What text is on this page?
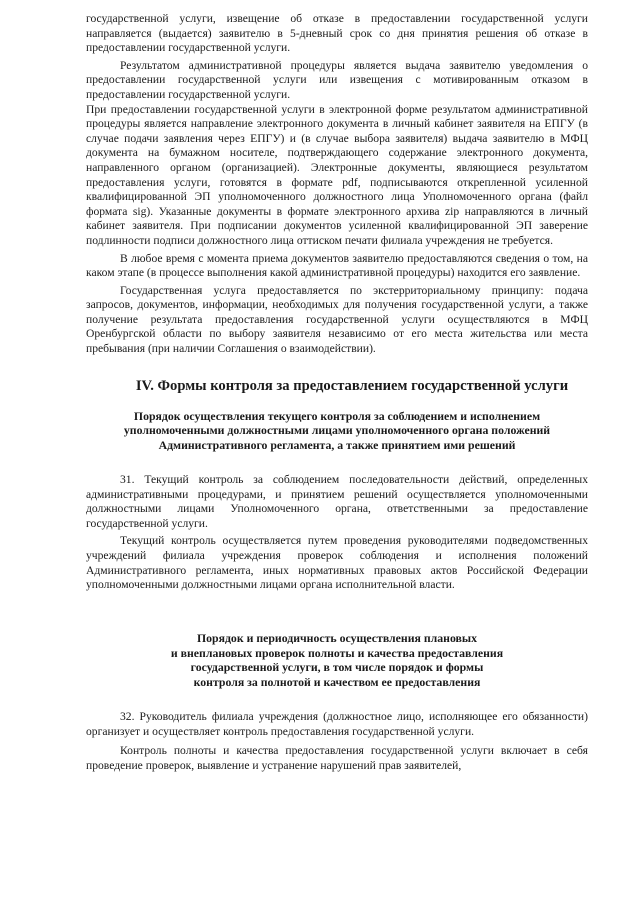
государственной услуги, извещение об отказе в предоставлении государственной услуги направляется (выдается) заявителю в 5-дневный срок со дня принятия решения об отказе в предоставлении государственной услуги.

Результатом административной процедуры является выдача заявителю уведомления о предоставлении государственной услуги или извещения с мотивированным отказом в предоставлении государственной услуги.

При предоставлении государственной услуги в электронной форме результатом административной процедуры является направление электронного документа в личный кабинет заявителя на ЕПГУ (в случае подачи заявления через ЕПГУ) и (в случае выбора заявителя) выдача заявителю в МФЦ документа на бумажном носителе, подтверждающего содержание электронного документа, направленного органом (организацией). Электронные документы, являющиеся результатом предоставления услуги, готовятся в формате pdf, подписываются открепленной усиленной квалифицированной ЭП уполномоченного должностного лица Уполномоченного органа (файл формата sig). Указанные документы в формате электронного архива zip направляются в личный кабинет заявителя. При подписании документов усиленной квалифицированной ЭП заверение подлинности подписи должностного лица оттиском печати филиала учреждения не требуется.

В любое время с момента приема документов заявителю предоставляются сведения о том, на каком этапе (в процессе выполнения какой административной процедуры) находится его заявление.

Государственная услуга предоставляется по экстерриториальному принципу: подача запросов, документов, информации, необходимых для получения государственной услуги, а также получение результата предоставления государственной услуги осуществляются в МФЦ Оренбургской области по выбору заявителя независимо от его места жительства или места пребывания (при наличии Соглашения о взаимодействии).

IV. Формы контроля за предоставлением государственной услуги
Порядок осуществления текущего контроля за соблюдением и исполнением
уполномоченными должностными лицами уполномоченного органа положений
Административного регламента, а также принятием ими решений

31. Текущий контроль за соблюдением последовательности действий, определенных административными процедурами, и принятием решений осуществляется уполномоченными должностными лицами Уполномоченного органа, ответственными за предоставление государственной услуги.

Текущий контроль осуществляется путем проведения руководителями подведомственных учреждений филиала учреждения проверок соблюдения и исполнения положений Административного регламента, иных нормативных правовых актов Российской Федерации уполномоченными должностными лицами органа исполнительной власти.

Порядок и периодичность осуществления плановых
и внеплановых проверок полноты и качества предоставления
государственной услуги, в том числе порядок и формы
контроля за полнотой и качеством ее предоставления

32. Руководитель филиала учреждения (должностное лицо, исполняющее его обязанности) организует и осуществляет контроль предоставления государственной услуги.

Контроль полноты и качества предоставления государственной услуги включает в себя проведение проверок, выявление и устранение нарушений прав заявителей,
